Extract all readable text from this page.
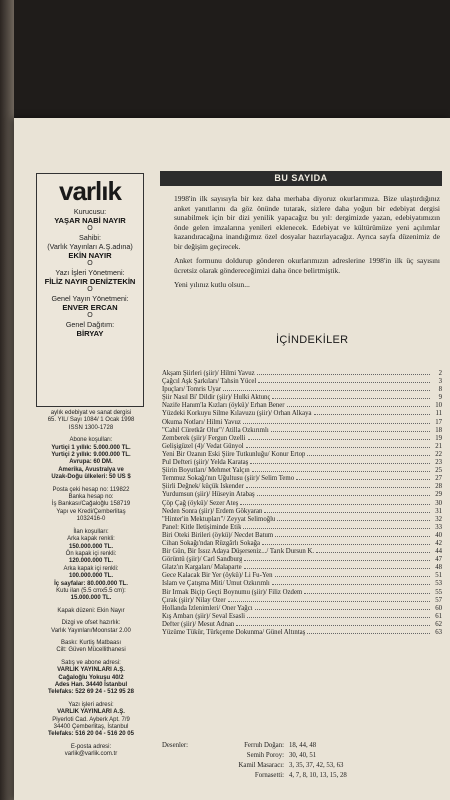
varlık
Kurucusu:
YAŞAR NABİ NAYIR
O
Sahibi:
(Varlık Yayınları A.Ş.adına)
EKİN NAYIR
O
Yazı İşleri Yönetmeni:
FİLİZ NAYIR DENİZTEKİN
O
Genel Yayın Yönetmeni:
ENVER ERCAN
O
Genel Dağıtım:
BİRYAY
aylık edebiyat ve sanat dergisi
65. YIL/ Sayı 1084/ 1 Ocak 1998
ISSN 1300-1728
Abone koşulları:
Yurtiçi 1 yıllık: 5.000.000 TL.
Yurtiçi 2 yıllık: 9.000.000 TL.
Avrupa: 60 DM.
Amerika, Avustralya ve
Uzak-Doğu ülkeleri: 50 US $
Posta çeki hesap no: 119822
Banka hesap no:
İş Bankası/Cağaloğlu 158719
Yapı ve Kredi/Çemberlitaş
1032416-0
İlan koşulları:
Arka kapak renkli:
150.000.000 TL.
Ön kapak içi renkli:
120.000.000 TL.
Arka kapak içi renkli:
100.000.000 TL.
İç sayfalar: 80.000.000 TL.
Kutu ilan (5.5 cmx5.5 cm):
15.000.000 TL.
Kapak düzeni: Ekin Nayır
Dizgi ve ofset hazırlık:
Varlık Yayınları/Moonstar 2.00
Baskı: Kurtiş Matbaası
Cilt: Güven Mücellithanesi
Satış ve abone adresi:
VARLIK YAYINLARI A.Ş.
Cağaloğlu Yokuşu 40/2
Ades Han. 34440 İstanbul
Telefaks: 522 69 24 - 512 95 28
Yazı işleri adresi:
VARLIK YAYINLARI A.Ş.
Piyerloti Cad. Ayberk Apt. 7/9
34400 Çemberlitaş, İstanbul
Telefaks: 516 20 04 - 516 20 05
E-posta adresi:
varlik@varlik.com.tr
BU SAYIDA

1998'in ilk sayısıyla bir kez daha merhaba diyoruz okurlarımıza. Bize ulaştırdığınız anket yanıtlarını da göz önünde tutarak, sizlere daha yoğun bir edebiyat dergisi sunabilmek için bir dizi yenilik yapacağız bu yıl: dergimizde yazan, edebiyatımızın önde gelen imzalarına yenileri eklenecek. Edebiyat ve kültürümüze yeni açılımlar kazandıracağına inandığımız özel dosyalar hazırlayacağız. Ayrıca sayfa düzenimiz de bir değişim geçirecek.

Anket formunu doldurup gönderen okurlarımızın adreslerine 1998'in ilk üç sayısını ücretsiz olarak göndereceğimizi daha önce belirtmiştik.

Yeni yılınız kutlu olsun...

İÇİNDEKİLER
Akşam Şiirleri (şiir)/ Hilmi Yavuz	2
Çağcıl Aşk Şarkıları/ Tahsin Yücel	3
İpuçları/ Tomris Uyar	8
Şiir Nasıl Bi' Dildir (şiir)/ Hulki Aktunç	9
Nazife Hanım'la Kızları (öykü)/ Erhan Bener	10
Yüzdeki Korkuyu Silme Kılavuzu (şiir)/ Orhan Alkaya	11
Okuma Notları/ Hilmi Yavuz	17
"Cahil Cüretkâr Olur"/ Atilla Özkırımlı	18
Zemberek (şiir)/ Fergun Özelli	19
Gelişigüzel (4)/ Vedat Günyol	21
Yeni Bir Ozanın Eski Şiire Tutkunluğu/ Konur Ertop	22
Pul Defteri (şiir)/ Yelda Karataş	23
Şiirin Boyutları/ Mehmet Yalçın	25
Temmuz Sokağı'nın Uğultusu (şiir)/ Selim Temo	27
Şiirli Değnek/ küçük İskender	28
Yurdumsun (şiir)/ Hüseyin Atabaş	29
Çöp Çağ (öykü)/ Sezer Ateş	30
Neden Sonra (şiir)/ Erdem Gökyaran	31
"Hinter'in Mektupları"/ Zeyyat Selimoğlu	32
Panel: Kitle İletişiminde Etik	33
Biri Öteki Birileri (öykü)/ Necdet Batum	40
Cihan Sokağı'ndan Rüzgârlı Sokağa	42
Bir Gün, Bir Issız Adaya Düşerseniz.../ Tarık Dursun K.	44
Görüntü (şiir)/ Carl Sandburg	47
Glatz'ın Kargaları/ Malaparte	48
Gece Kalacak Bir Yer (öykü)/ Li Fu-Yen	51
İslam ve Çatışma Miti/ Umut Özkırımlı	53
Bir Irmak Biçip Geçti Boynumu (şiir)/ Filiz Özdem	55
Çırak (şiir)/ Nilay Özer	57
Hollanda İzlenimleri/ Öner Yağcı	60
Kış Ambarı (şiir)/ Seval Esasli	61
Defter (şiir)/ Mesut Adnan	62
Yüzüme Tükür, Türkçeme Dokunma/ Günel Altıntaş	63
Desenler:	Ferruh Doğan: 18, 44, 48
Semih Poroy: 30, 40, 51
Kamil Masaracı: 3, 35, 37, 42, 53, 63
Fornasetti: 4, 7, 8, 10, 13, 15, 28
